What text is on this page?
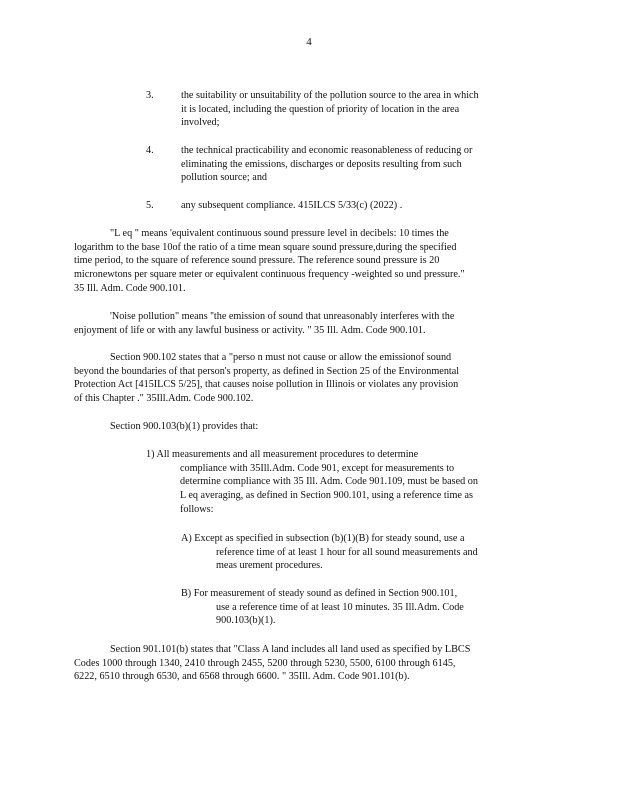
4
3.	the suitability or unsuitability of the pollution source to the area in which
it is located, including the question of priority of location in the area
involved;
4.	the technical practicability and economic reasonableness of reducing or
eliminating the emissions, discharges or deposits resulting from such
pollution source; and
5.	any subsequent compliance. 415ILCS 5/33(c) (2022) .
"L eq " means 'equivalent continuous sound pressure level in decibels: 10 times the
logarithm to the base 10of the ratio of a time mean square sound pressure,during the specified
time period, to the square of reference sound pressure. The reference sound pressure is 20
micronewtons per square meter or equivalent continuous frequency -weighted so und pressure."
35 Ill. Adm. Code 900.101.
'Noise pollution" means ''the emission of sound that unreasonably interferes with the
enjoyment of life or with any lawful business or activity. " 35 Ill. Adm. Code 900.101.
Section 900.102 states that a "perso n must not cause or allow the emissionof sound
beyond the boundaries of that person's property, as defined in Section 25 of the Environmental
Protection Act [415ILCS 5/25], that causes noise pollution in Illinois or violates any provision
of this Chapter ." 35Ill.Adm. Code 900.102.
Section 900.103(b)(1) provides that:
1) All measurements and all measurement procedures to determine
compliance with 35Ill.Adm. Code 901, except for measurements to
determine compliance with 35 Ill. Adm. Code 901.109, must be based on
L eq averaging, as defined in Section 900.101, using a reference time as
follows:
A) Except as specified in subsection (b)(1)(B) for steady sound, use a
reference time of at least 1 hour for all sound measurements and
meas urement procedures.
B) For measurement of steady sound as defined in Section 900.101,
use a reference time of at least 10 minutes. 35 Ill.Adm. Code
900.103(b)(1).
Section 901.101(b) states that "Class A land includes all land used as specified by LBCS
Codes 1000 through 1340, 2410 through 2455, 5200 through 5230, 5500, 6100 through 6145,
6222, 6510 through 6530, and 6568 through 6600. " 35Ill. Adm. Code 901.101(b).
